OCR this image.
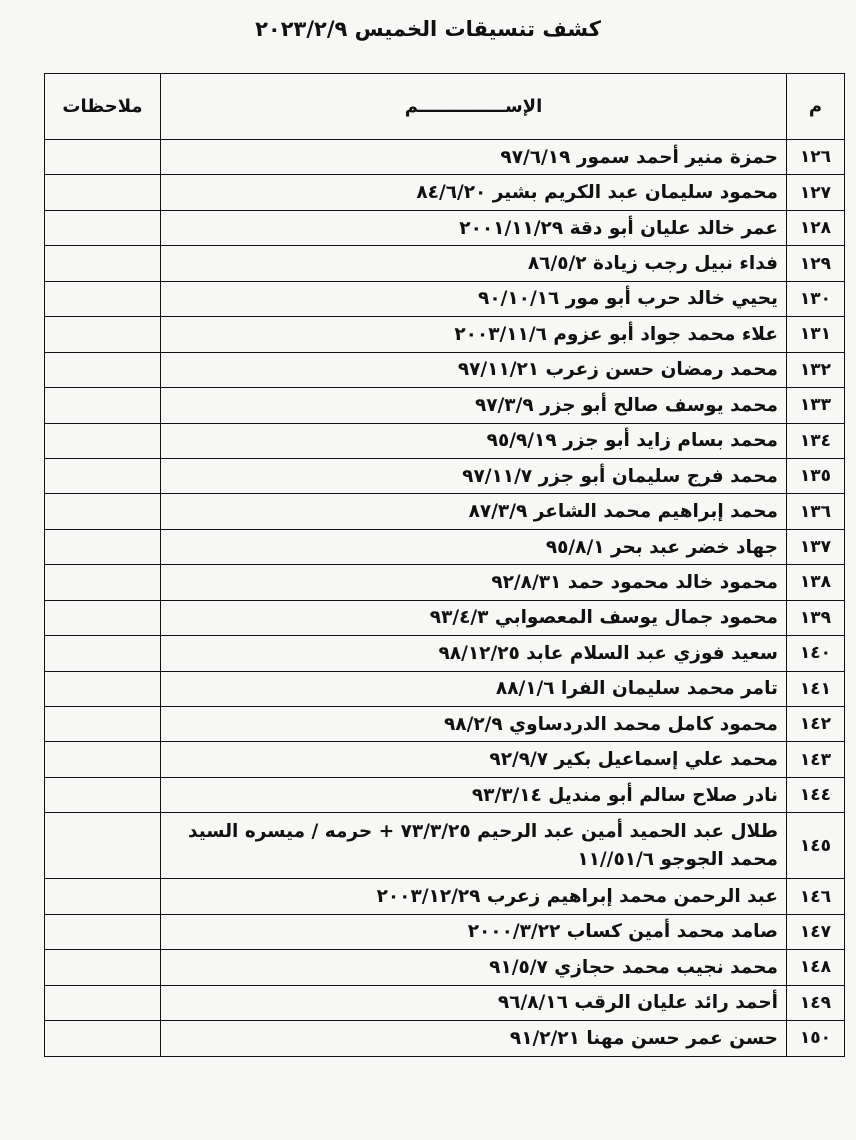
كشف تنسيقات الخميس ٢٠٢٣/٢/٩
م	الإســــــــــــــم	ملاحظات
١٢٦	حمزة منير أحمد سمور ٩٧/٦/١٩	
١٢٧	محمود سليمان عبد الكريم بشير ٨٤/٦/٢٠	
١٢٨	عمر خالد عليان أبو دقة ٢٠٠١/١١/٢٩	
١٢٩	فداء نبيل رجب زيادة ٨٦/٥/٢	
١٣٠	يحيي خالد حرب أبو مور ٩٠/١٠/١٦	
١٣١	علاء محمد جواد أبو عزوم ٢٠٠٣/١١/٦	
١٣٢	محمد رمضان حسن زعرب ٩٧/١١/٢١	
١٣٣	محمد يوسف صالح أبو جزر ٩٧/٣/٩	
١٣٤	محمد بسام زايد أبو جزر ٩٥/٩/١٩	
١٣٥	محمد فرج سليمان أبو جزر ٩٧/١١/٧	
١٣٦	محمد إبراهيم محمد الشاعر ٨٧/٣/٩	
١٣٧	جهاد خضر عبد بحر ٩٥/٨/١	
١٣٨	محمود خالد محمود حمد ٩٢/٨/٣١	
١٣٩	محمود جمال يوسف المعصوابي ٩٣/٤/٣	
١٤٠	سعيد فوزي عبد السلام عابد ٩٨/١٢/٢٥	
١٤١	تامر محمد سليمان الفرا ٨٨/١/٦	
١٤٢	محمود كامل محمد الدردساوي ٩٨/٢/٩	
١٤٣	محمد علي إسماعيل بكير ٩٢/٩/٧	
١٤٤	نادر صلاح سالم أبو منديل ٩٣/٣/١٤	
١٤٥	طلال عبد الحميد أمين عبد الرحيم ٧٣/٣/٢٥ + حرمه / ميسره السيد محمد الجوجو ٥١/٦//١١	
١٤٦	عبد الرحمن محمد إبراهيم زعرب ٢٠٠٣/١٢/٢٩	
١٤٧	صامد محمد أمين كساب ٢٠٠٠/٣/٢٢	
١٤٨	محمد نجيب محمد حجازي ٩١/٥/٧	
١٤٩	أحمد رائد عليان الرقب ٩٦/٨/١٦	
١٥٠	حسن عمر حسن مهنا ٩١/٢/٢١	
